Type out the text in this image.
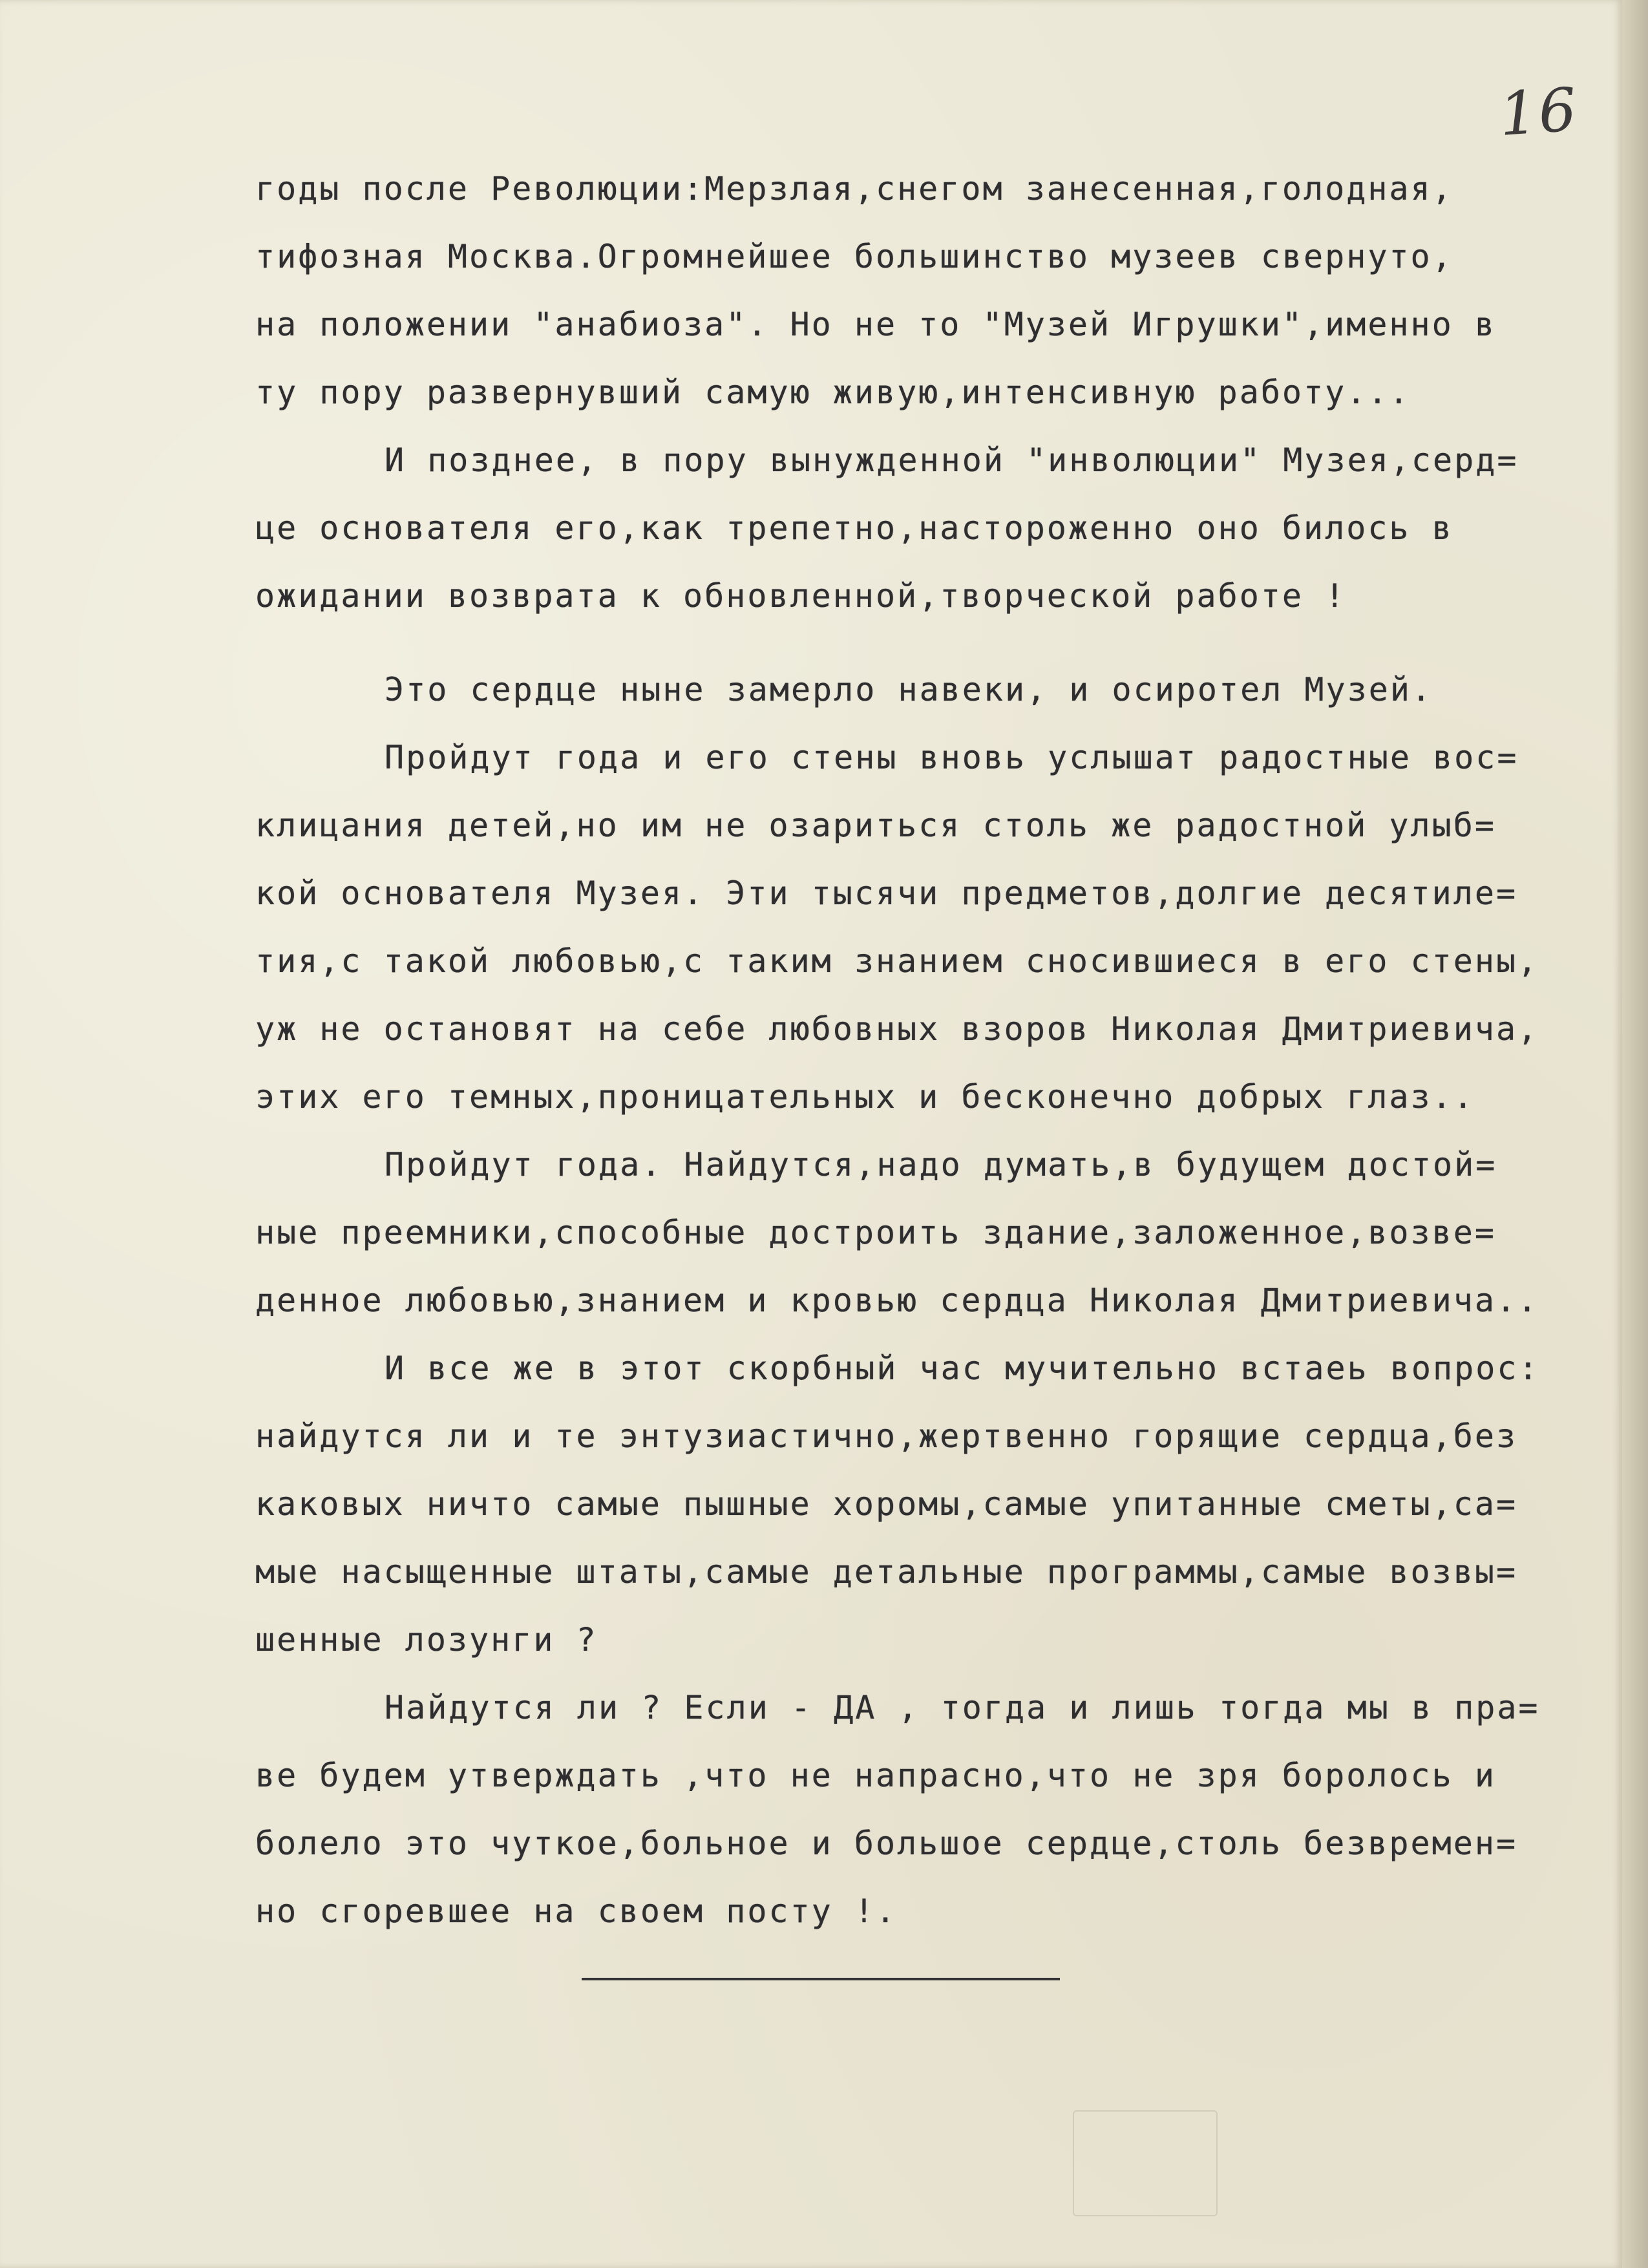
16
годы после Революции:Мерзлая,снегом занесенная,голодная,
тифозная Москва.Огромнейшее большинство музеев свернуто,
на положении "анабиоза". Но не то "Музей Игрушки",именно в
ту пору развернувший самую живую,интенсивную работу...
И позднее, в пору вынужденной "инволюции" Музея,серд=
це основателя его,как трепетно,настороженно оно билось в
ожидании возврата к обновленной,творческой работе !
Это сердце ныне замерло навеки, и осиротел Музей.
Пройдут года и его стены вновь услышат радостные вос=
клицания детей,но им не озариться столь же радостной улыб=
кой основателя Музея. Эти тысячи предметов,долгие десятиле=
тия,с такой любовью,с таким знанием сносившиеся в его стены,
уж не остановят на себе любовных взоров Николая Дмитриевича,
этих его темных,проницательных и бесконечно добрых глаз..
Пройдут года. Найдутся,надо думать,в будущем достой=
ные преемники,способные достроить здание,заложенное,возве=
денное любовью,знанием и кровью сердца Николая Дмитриевича..
И все же в этот скорбный час мучительно встаеь вопрос:
найдутся ли и те энтузиастично,жертвенно горящие сердца,без
каковых ничто самые пышные хоромы,самые упитанные сметы,са=
мые насыщенные штаты,самые детальные программы,самые возвы=
шенные лозунги ?
Найдутся ли ? Если - ДА , тогда и лишь тогда мы в пра=
ве будем утверждать ,что не напрасно,что не зря боролось и
болело это чуткое,больное и большое сердце,столь безвремен=
но сгоревшее на своем посту !.
